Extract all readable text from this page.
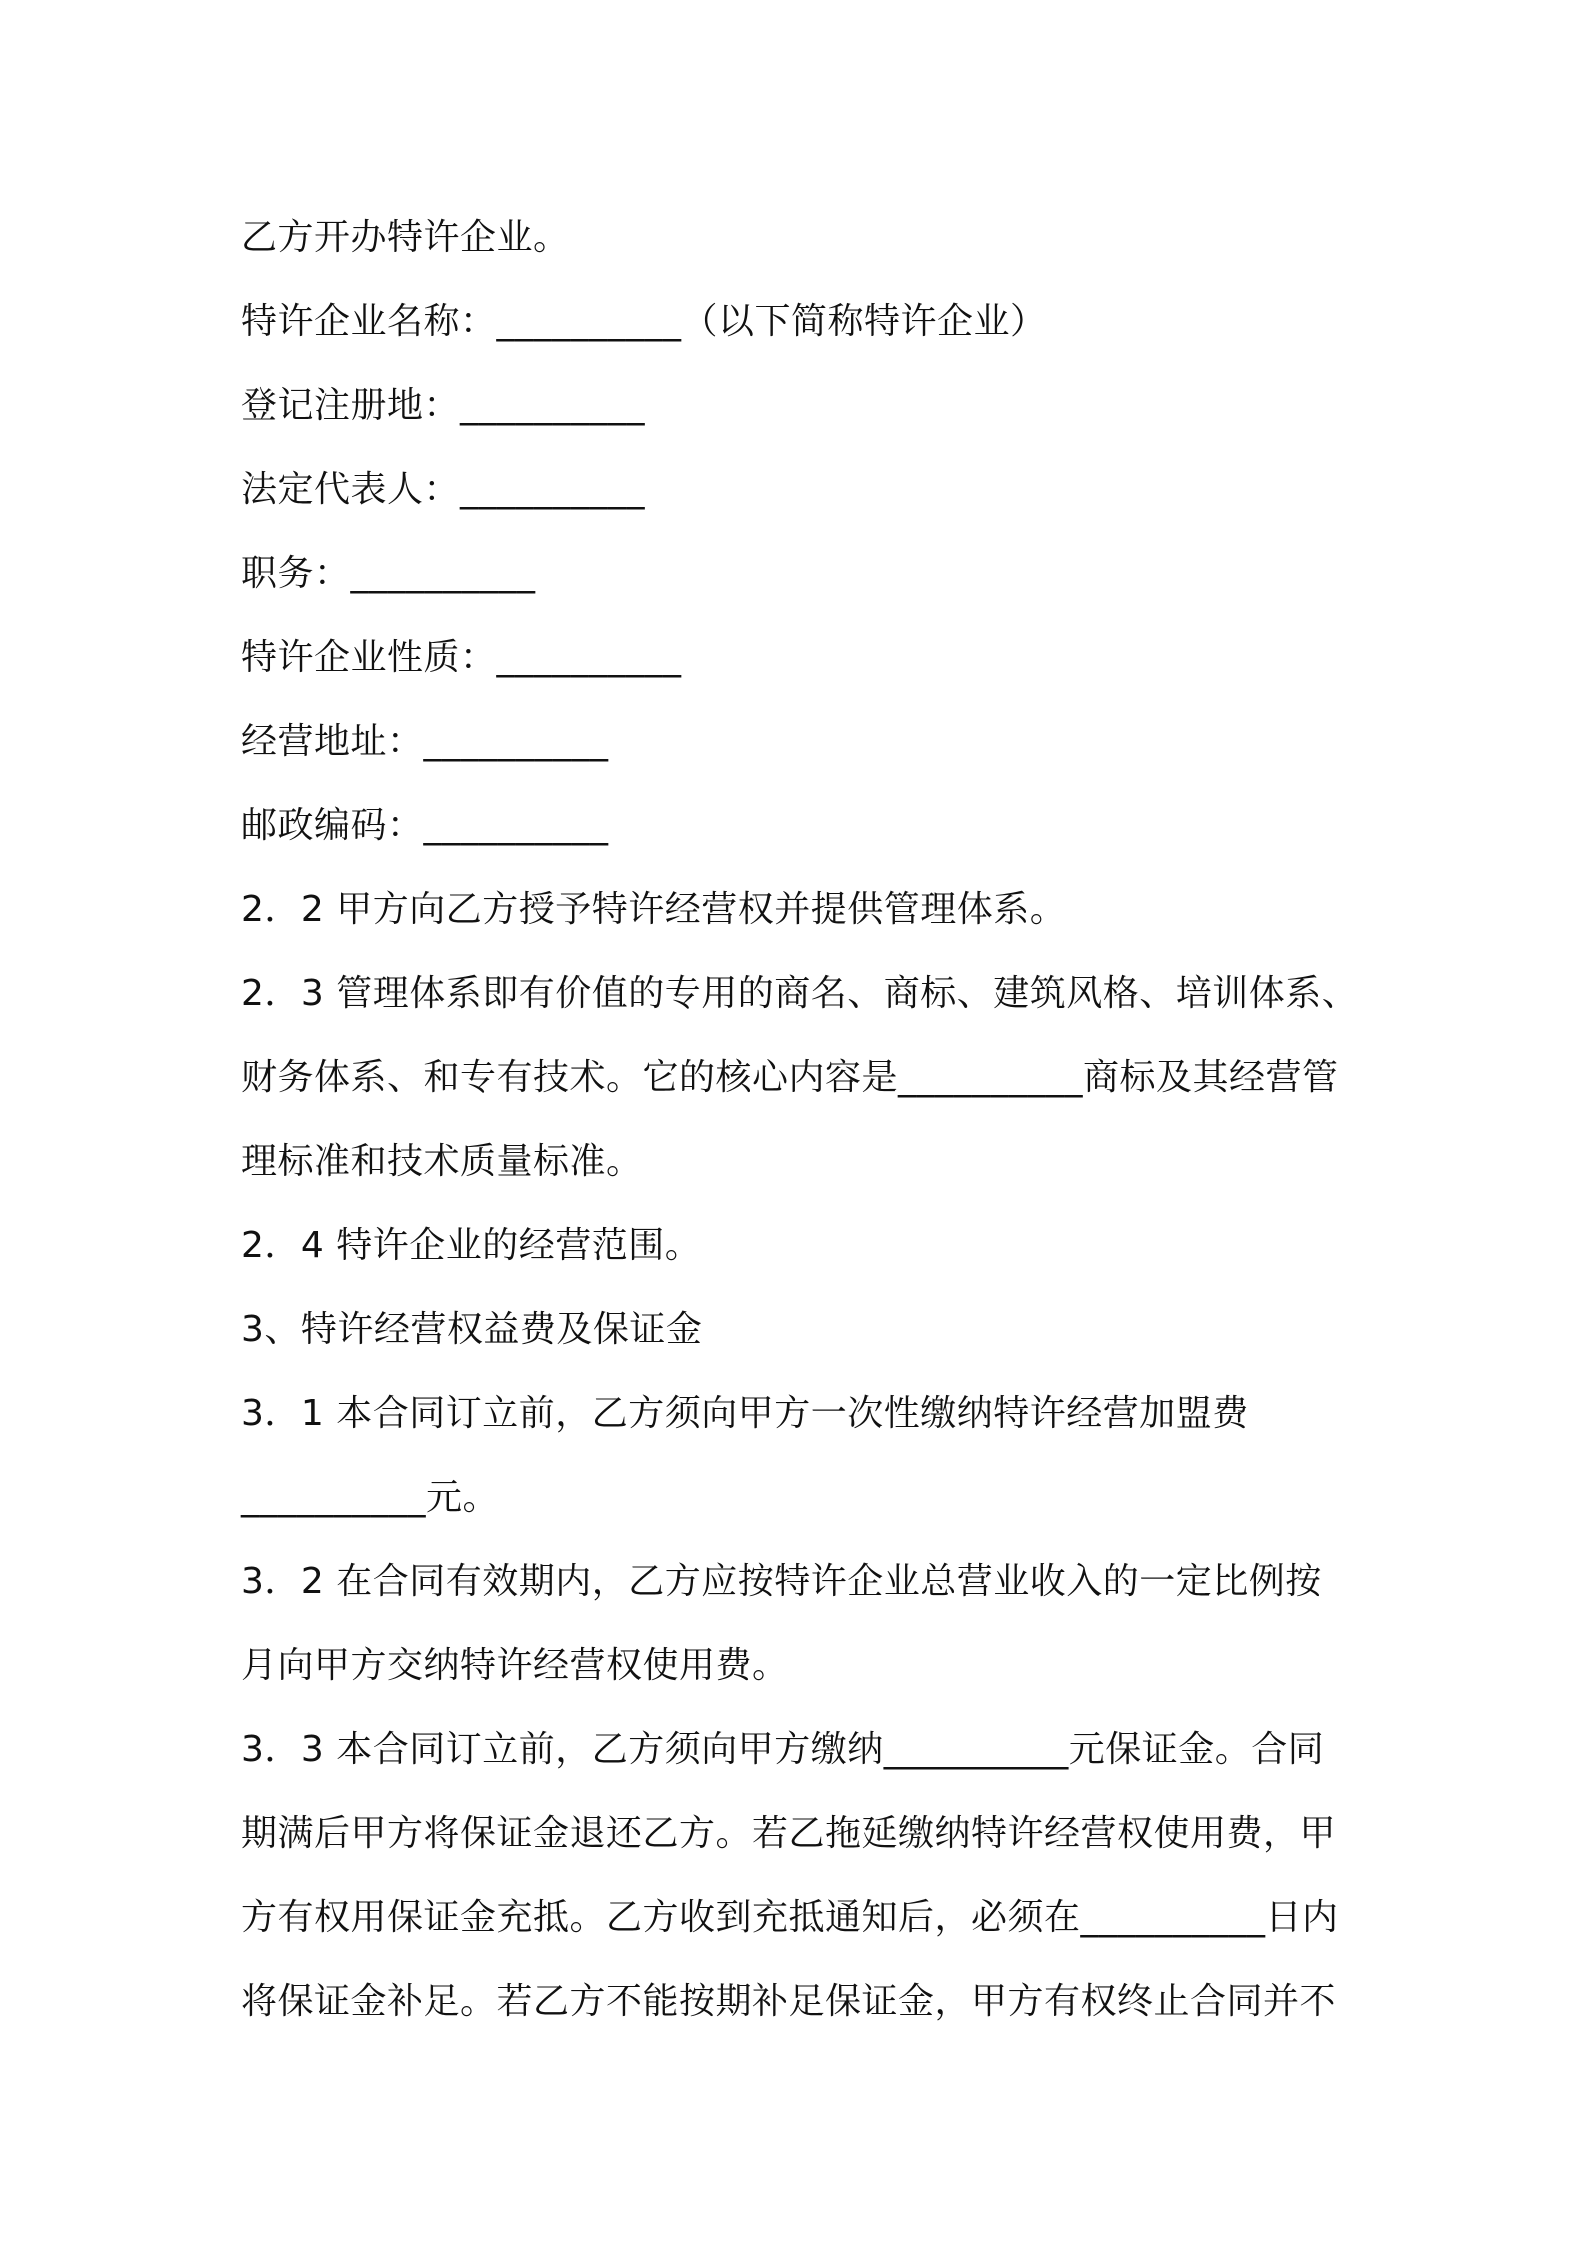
乙方开办特许企业。
特许企业名称：__________（以下简称特许企业）
登记注册地：__________
法定代表人：__________
职务：__________
特许企业性质：__________
经营地址：__________
邮政编码：__________
2．2 甲方向乙方授予特许经营权并提供管理体系。
2．3 管理体系即有价值的专用的商名、商标、建筑风格、培训体系、
财务体系、和专有技术。它的核心内容是__________商标及其经营管
理标准和技术质量标准。
2．4 特许企业的经营范围。
3、特许经营权益费及保证金
3．1 本合同订立前，乙方须向甲方一次性缴纳特许经营加盟费
__________元。
3．2 在合同有效期内，乙方应按特许企业总营业收入的一定比例按
月向甲方交纳特许经营权使用费。
3．3 本合同订立前，乙方须向甲方缴纳__________元保证金。合同
期满后甲方将保证金退还乙方。若乙拖延缴纳特许经营权使用费，甲
方有权用保证金充抵。乙方收到充抵通知后，必须在__________日内
将保证金补足。若乙方不能按期补足保证金，甲方有权终止合同并不
